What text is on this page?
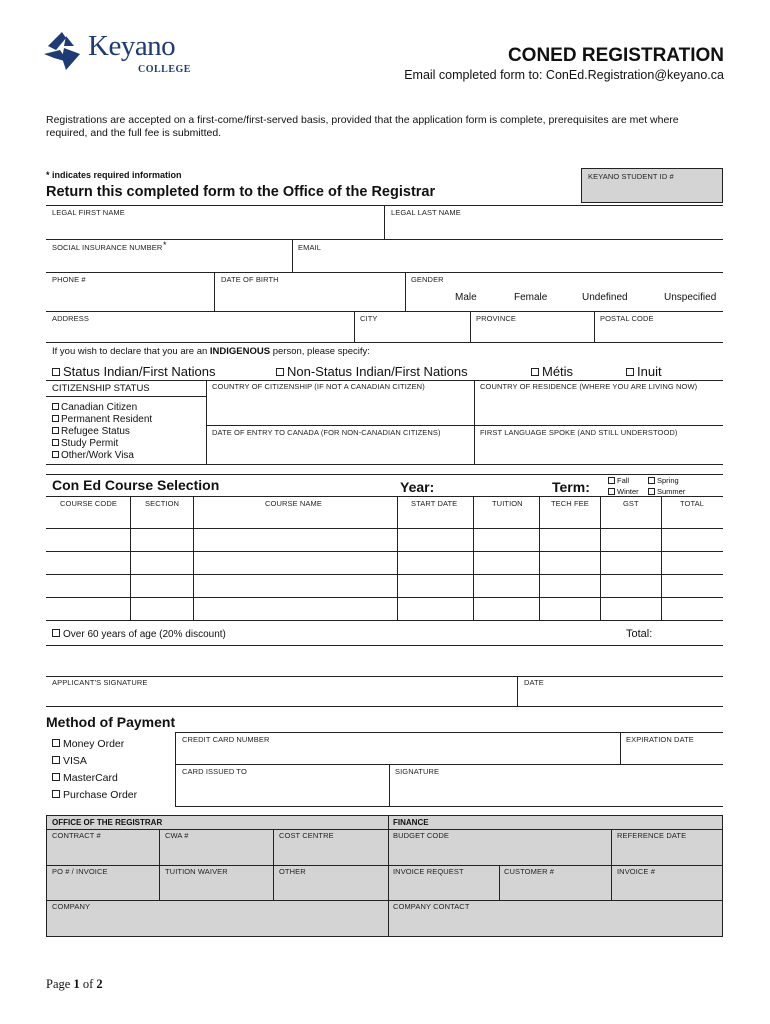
Keyano
COLLEGE
CONED REGISTRATION
Email completed form to: ConEd.Registration@keyano.ca
Registrations are accepted on a first-come/first-served basis, provided that the application form is complete, prerequisites are met where required, and the full fee is submitted.
* indicates required information	KEYANO STUDENT ID #
Return this completed form to the Office of the Registrar
LEGAL FIRST NAME	LEGAL LAST NAME
SOCIAL INSURANCE NUMBER *	EMAIL
PHONE #	DATE OF BIRTH	GENDER
Male	Female	Undefined	Unspecified
ADDRESS	CITY	PROVINCE	POSTAL CODE
If you wish to declare that you are an INDIGENOUS person, please specify:
Status Indian/First Nations	Non-Status Indian/First Nations	Métis	Inuit
CITIZENSHIP STATUS
Canadian Citizen
Permanent Resident
Refugee Status
Study Permit
Other/Work Visa
COUNTRY OF CITIZENSHIP (IF NOT A CANADIAN CITIZEN)	COUNTRY OF RESIDENCE (WHERE YOU ARE LIVING NOW)
DATE OF ENTRY TO CANADA (FOR NON-CANADIAN CITIZENS)	FIRST LANGUAGE SPOKE (AND STILL UNDERSTOOD)
Con Ed Course Selection	Year:	Term:	Fall	Spring
Winter	Summer
COURSE CODE	SECTION	COURSE NAME	START DATE	TUITION	TECH FEE	GST	TOTAL
Over 60 years of age (20% discount)	Total:
APPLICANT'S SIGNATURE	DATE
Method of Payment
Money Order
VISA
MasterCard
Purchase Order
CREDIT CARD NUMBER	EXPIRATION DATE
CARD ISSUED TO	SIGNATURE
OFFICE OF THE REGISTRAR	FINANCE
CONTRACT #	CWA #	COST CENTRE	BUDGET CODE	REFERENCE DATE
PO # / INVOICE	TUITION WAIVER	OTHER	INVOICE REQUEST	CUSTOMER #	INVOICE #
COMPANY	COMPANY CONTACT
Page 1 of 2
